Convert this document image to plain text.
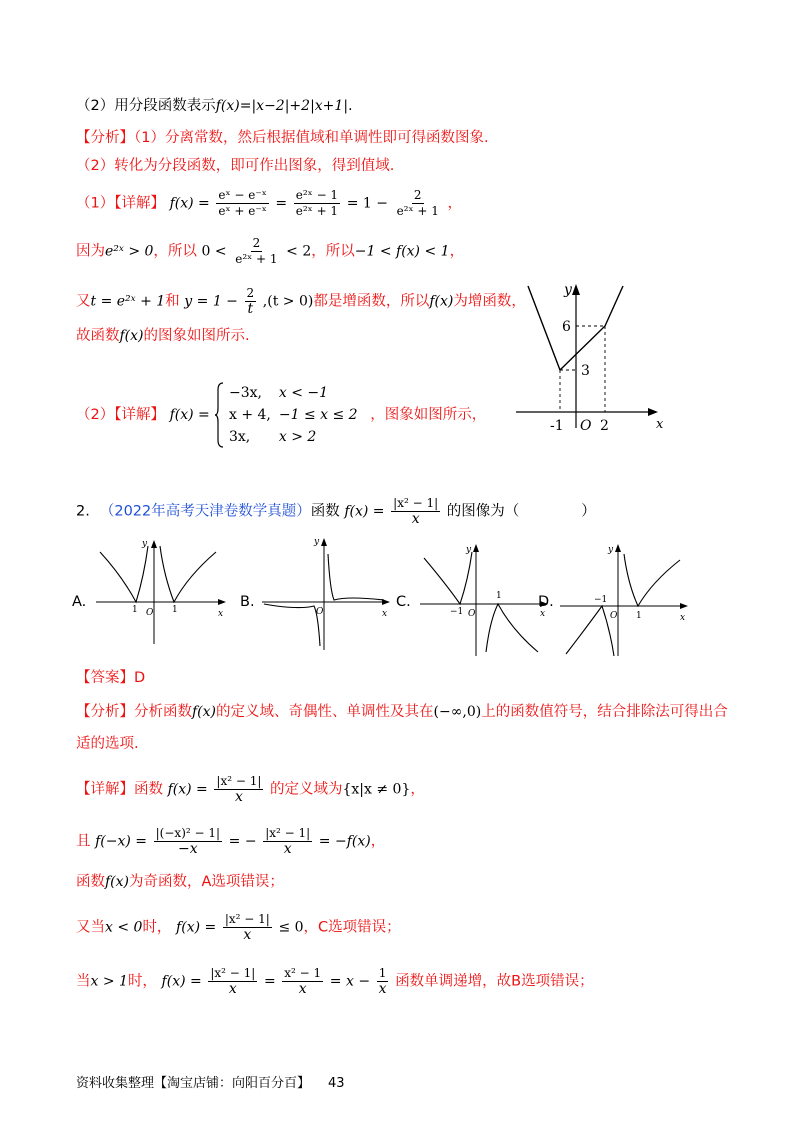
（2）用分段函数表示f(x)=|x−2|+2|x+1|.
【分析】（1）分离常数，然后根据值域和单调性即可得函数图象.
（2）转化为分段函数，即可作出图象，得到值域.
（1）【详解】 $f(x) = \frac{\text{eˣ − e⁻ˣ}}{\text{eˣ + e⁻ˣ}} = \frac{\text{e²ˣ − 1}}{\text{e²ˣ + 1}} = 1 - \frac{2}{\text{e²ˣ + 1}}$ ，
因为e²ˣ > 0，所以 $0 < \frac{2}{\text{e²ˣ + 1}} < 2$，所以−1 < f(x) < 1，
又t = e²ˣ + 1和 $y = 1 - \frac{2}{t} ,(t > 0)$都是增函数，所以f(x)为增函数，
故函数f(x)的图象如图所示.
（2）【详解】 f(x) =  −3x,	x < −1
x + 4,	−1 ≤ x ≤ 2
3x,	x > 2 ，图象如图所示，
y
x
O
-1	2
6
3
2. （2022年高考天津卷数学真题）函数 $f(x) = \frac{\text{|x² − 1|}}{x}$ 的图像为（	）
A.
y
x
O
1	1	B.
y
x
O
C.
y
x
O
−1
1	D.
y
x
O
−1
1
【答案】D
【分析】分析函数f(x)的定义域、奇偶性、单调性及其在(−∞,0)上的函数值符号，结合排除法可得出合
适的选项.
【详解】函数 $f(x) = \frac{\text{|x² − 1|}}{x}$ 的定义域为{x|x ≠ 0}，
且 $f(-x) = \frac{\text{|(−x)² − 1|}}{-x}$ = − $\frac{\text{|x² − 1|}}{x} = -f(x)$，
函数f(x)为奇函数，A选项错误；
又当x < 0时， $f(x) = \frac{\text{|x² − 1|}}{x} \le 0$，C选项错误；
当x > 1时， $f(x) = \frac{\text{|x² − 1|}}{x} = \frac{\text{x² − 1}}{x} = x - \frac{1}{x}$ 函数单调递增，故B选项错误；
资料收集整理【淘宝店铺：向阳百分百】 43
